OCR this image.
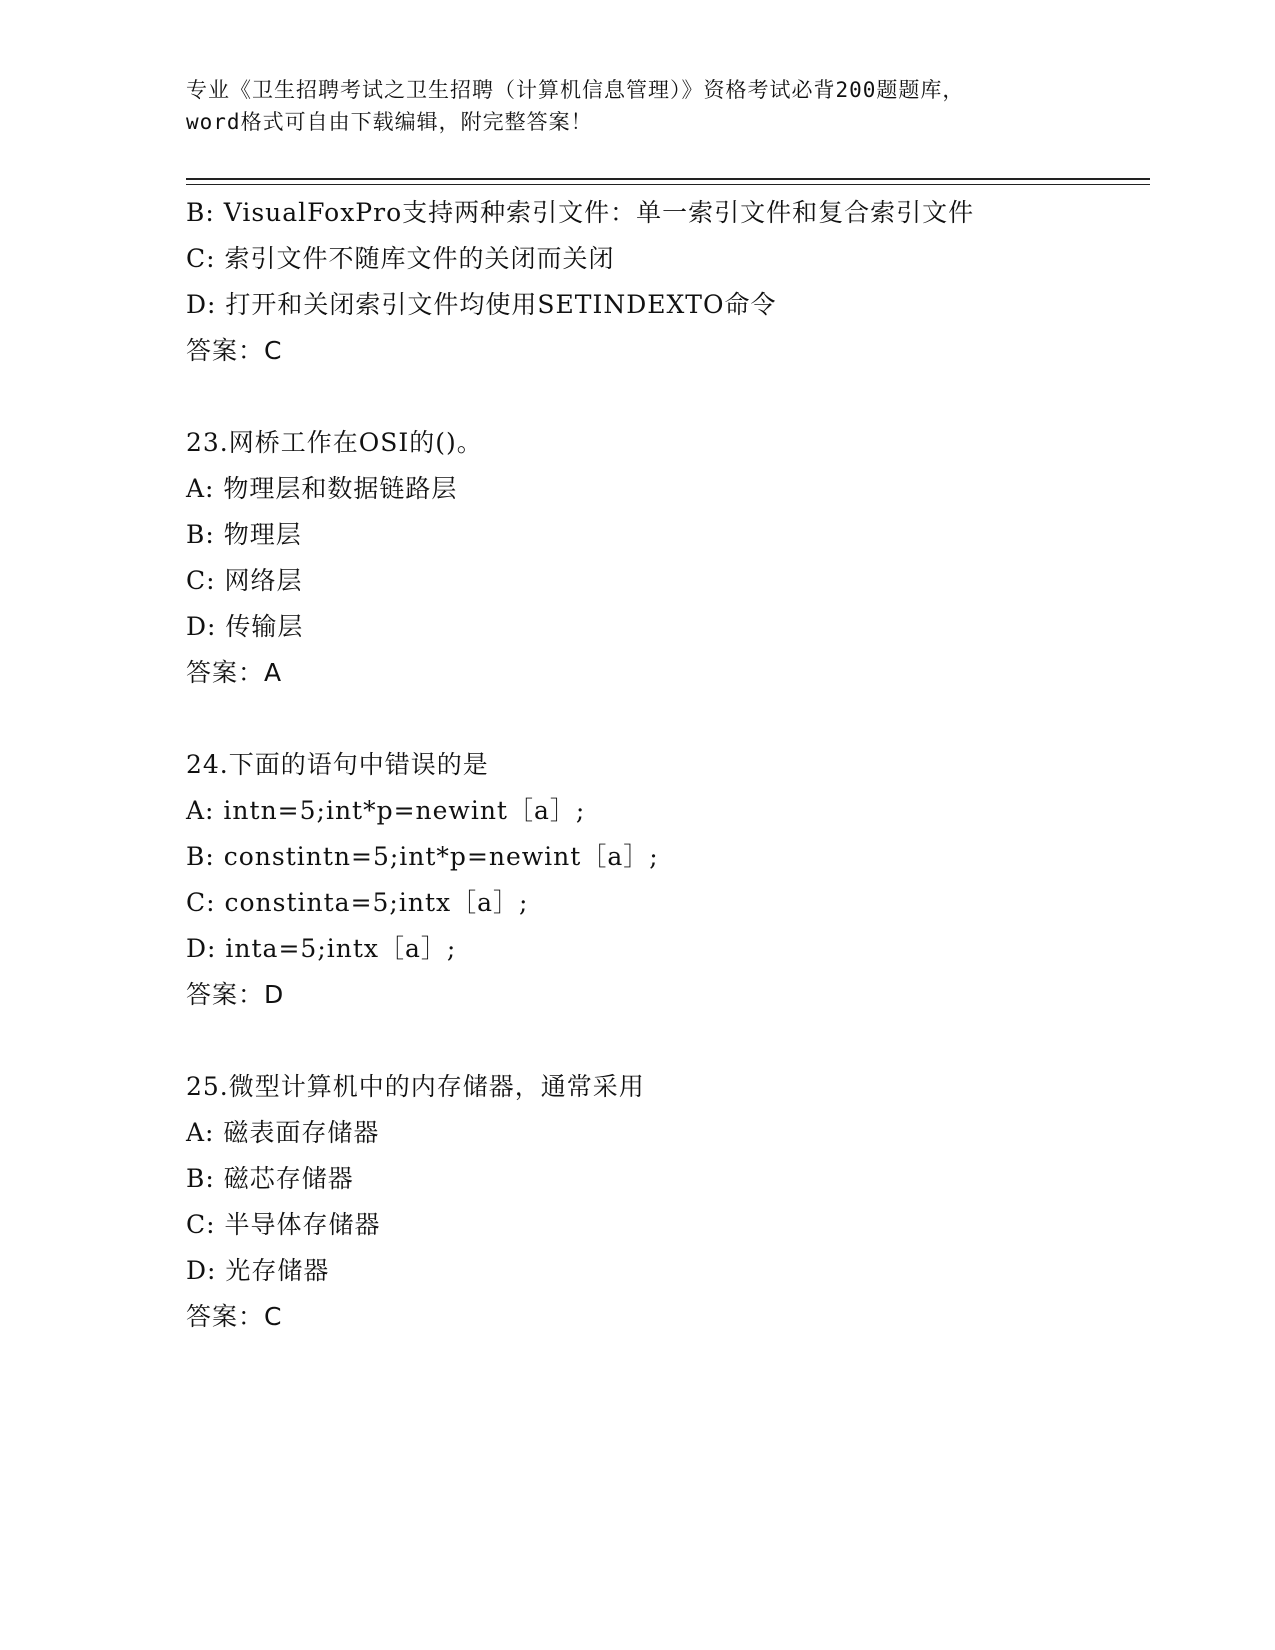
专业《卫生招聘考试之卫生招聘（计算机信息管理）》资格考试必背200题题库，
word格式可自由下载编辑，附完整答案！
B: VisualFoxPro支持两种索引文件：单一索引文件和复合索引文件
C: 索引文件不随库文件的关闭而关闭
D: 打开和关闭索引文件均使用SETINDEXTO命令
答案：C
23.网桥工作在OSI的()。
A: 物理层和数据链路层
B: 物理层
C: 网络层
D: 传输层
答案：A
24.下面的语句中错误的是
A: intn=5;int*p=newint［a］;
B: constintn=5;int*p=newint［a］;
C: constinta=5;intx［a］;
D: inta=5;intx［a］;
答案：D
25.微型计算机中的内存储器，通常采用
A: 磁表面存储器
B: 磁芯存储器
C: 半导体存储器
D: 光存储器
答案：C
